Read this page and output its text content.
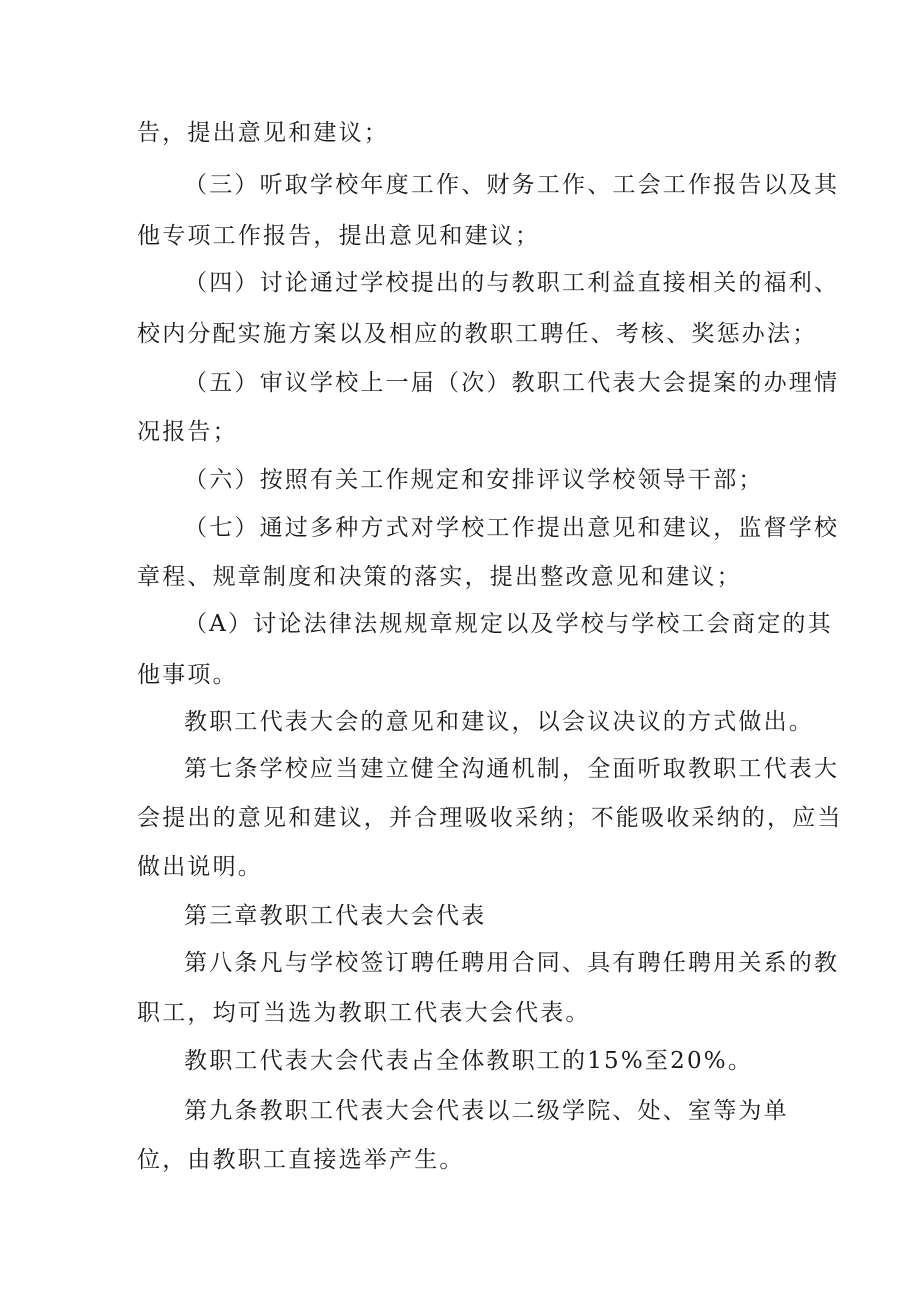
告，提出意见和建议；
（三）听取学校年度工作、财务工作、工会工作报告以及其
他专项工作报告，提出意见和建议；
（四）讨论通过学校提出的与教职工利益直接相关的福利、
校内分配实施方案以及相应的教职工聘任、考核、奖惩办法；
（五）审议学校上一届（次）教职工代表大会提案的办理情
况报告；
（六）按照有关工作规定和安排评议学校领导干部；
（七）通过多种方式对学校工作提出意见和建议，监督学校
章程、规章制度和决策的落实，提出整改意见和建议；
（A）讨论法律法规规章规定以及学校与学校工会商定的其
他事项。
教职工代表大会的意见和建议，以会议决议的方式做出。
第七条学校应当建立健全沟通机制，全面听取教职工代表大
会提出的意见和建议，并合理吸收采纳；不能吸收采纳的，应当
做出说明。
第三章教职工代表大会代表
第八条凡与学校签订聘任聘用合同、具有聘任聘用关系的教
职工，均可当选为教职工代表大会代表。
教职工代表大会代表占全体教职工的15%至20%。
第九条教职工代表大会代表以二级学院、处、室等为单
位，由教职工直接选举产生。
